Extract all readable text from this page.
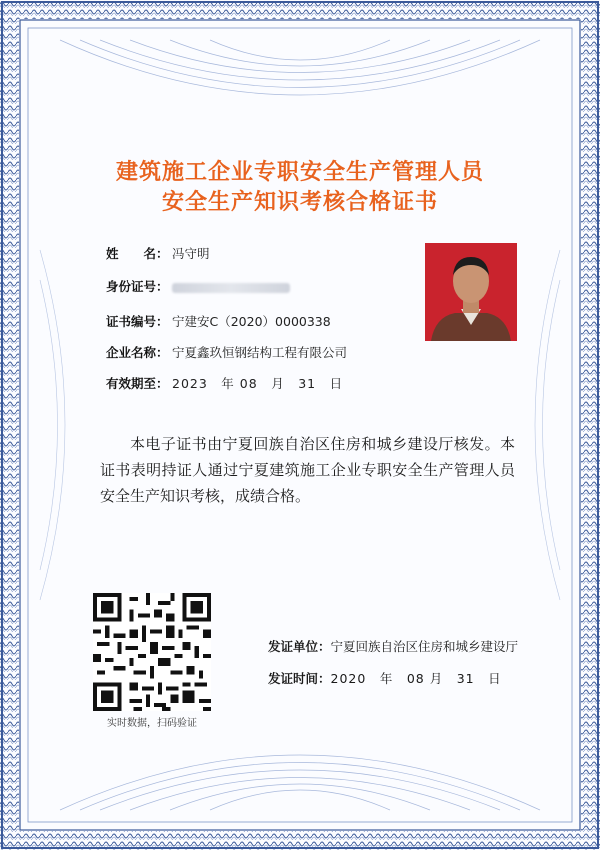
建筑施工企业专职安全生产管理人员
安全生产知识考核合格证书
姓　　名： 冯守明
身份证号：
证书编号： 宁建安C（2020）0000338
企业名称： 宁夏鑫玖恒钢结构工程有限公司
有效期至： 2023　年 08　月　31　日
本电子证书由宁夏回族自治区住房和城乡建设厅核发。本证书表明持证人通过宁夏建筑施工企业专职安全生产管理人员安全生产知识考核，成绩合格。
实时数据，扫码验证
发证单位：宁夏回族自治区住房和城乡建设厅
发证时间：2020　年　08 月　31　日
